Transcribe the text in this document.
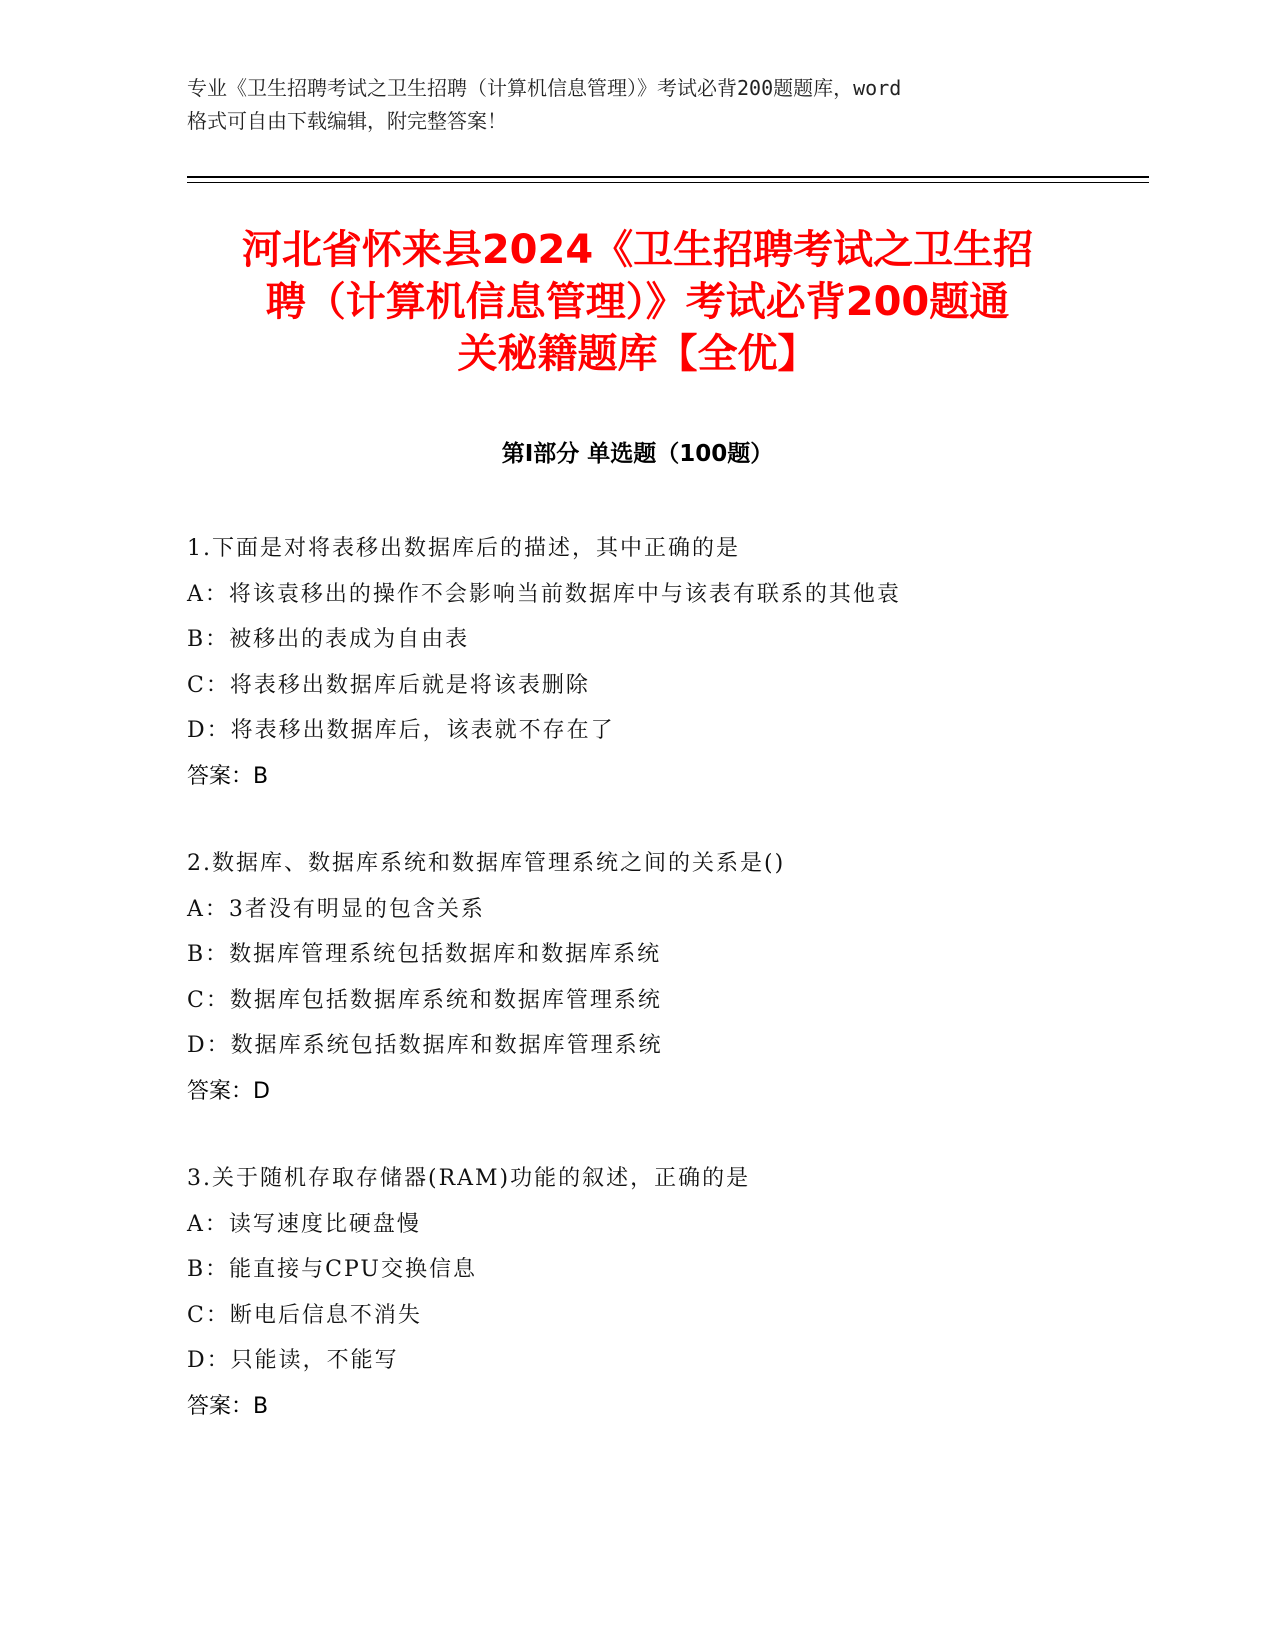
专业《卫生招聘考试之卫生招聘（计算机信息管理）》考试必背200题题库，word
格式可自由下载编辑，附完整答案！
河北省怀来县2024《卫生招聘考试之卫生招
聘（计算机信息管理）》考试必背200题通
关秘籍题库【全优】
第Ⅰ部分 单选题（100题）
1.下面是对将表移出数据库后的描述，其中正确的是
A：将该袁移出的操作不会影响当前数据库中与该表有联系的其他袁
B：被移出的表成为自由表
C：将表移出数据库后就是将该表删除
D：将表移出数据库后，该表就不存在了
答案：B
2.数据库、数据库系统和数据库管理系统之间的关系是()
A：3者没有明显的包含关系
B：数据库管理系统包括数据库和数据库系统
C：数据库包括数据库系统和数据库管理系统
D：数据库系统包括数据库和数据库管理系统
答案：D
3.关于随机存取存储器(RAM)功能的叙述，正确的是
A：读写速度比硬盘慢
B：能直接与CPU交换信息
C：断电后信息不消失
D：只能读，不能写
答案：B
